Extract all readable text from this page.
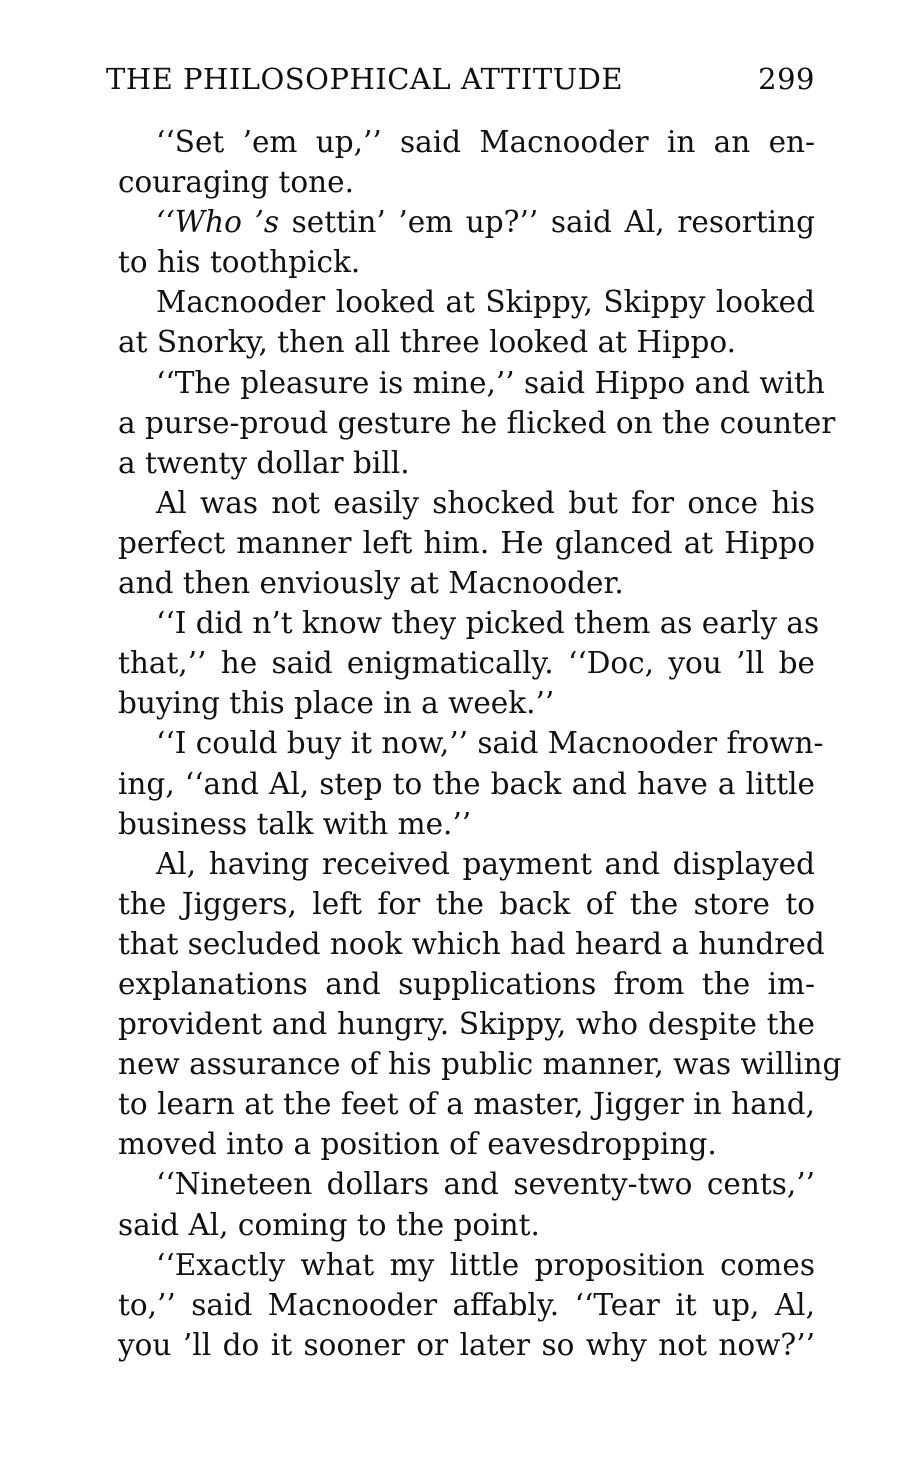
THE PHILOSOPHICAL ATTITUDE	299
‘‘Set ’em up,’’ said Macnooder in an en-
couraging tone.
‘‘Who ’s settin’ ’em up?’’ said Al, resorting
to his toothpick.
Macnooder looked at Skippy, Skippy looked
at Snorky, then all three looked at Hippo.
‘‘The pleasure is mine,’’ said Hippo and with
a purse-proud gesture he flicked on the counter
a twenty dollar bill.
Al was not easily shocked but for once his
perfect manner left him. He glanced at Hippo
and then enviously at Macnooder.
‘‘I did n’t know they picked them as early as
that,’’ he said enigmatically. ‘‘Doc, you ’ll be
buying this place in a week.’’
‘‘I could buy it now,’’ said Macnooder frown-
ing, ‘‘and Al, step to the back and have a little
business talk with me.’’
Al, having received payment and displayed
the Jiggers, left for the back of the store to
that secluded nook which had heard a hundred
explanations and supplications from the im-
provident and hungry. Skippy, who despite the
new assurance of his public manner, was willing
to learn at the feet of a master, Jigger in hand,
moved into a position of eavesdropping.
‘‘Nineteen dollars and seventy-two cents,’’
said Al, coming to the point.
‘‘Exactly what my little proposition comes
to,’’ said Macnooder affably. ‘‘Tear it up, Al,
you ’ll do it sooner or later so why not now?’’
